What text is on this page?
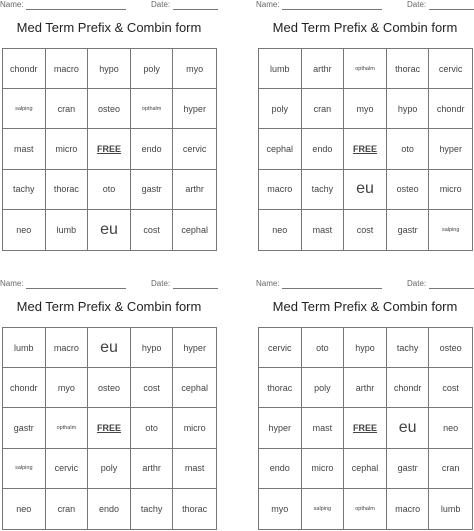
Name:	Date:
Med Term Prefix & Combin form
chondr	macro	hypo	poly	myo
salping	cran	osteo	opthalm	hyper
mast	micro	FREE	endo	cervic
tachy	thorac	oto	gastr	arthr
neo	lumb	eu	cost	cephal
Name:	Date:
Med Term Prefix & Combin form
lumb	arthr	opthalm	thorac	cervic
poly	cran	myo	hypo	chondr
cephal	endo	FREE	oto	hyper
macro	tachy	eu	osteo	micro
neo	mast	cost	gastr	salping
Name:	Date:
Med Term Prefix & Combin form
lumb	macro	eu	hypo	hyper
chondr	myo	osteo	cost	cephal
gastr	opthalm	FREE	oto	micro
salping	cervic	poly	arthr	mast
neo	cran	endo	tachy	thorac
Name:	Date:
Med Term Prefix & Combin form
cervic	oto	hypo	tachy	osteo
thorac	poly	arthr	chondr	cost
hyper	mast	FREE	eu	neo
endo	micro	cephal	gastr	cran
myo	salping	opthalm	macro	lumb
